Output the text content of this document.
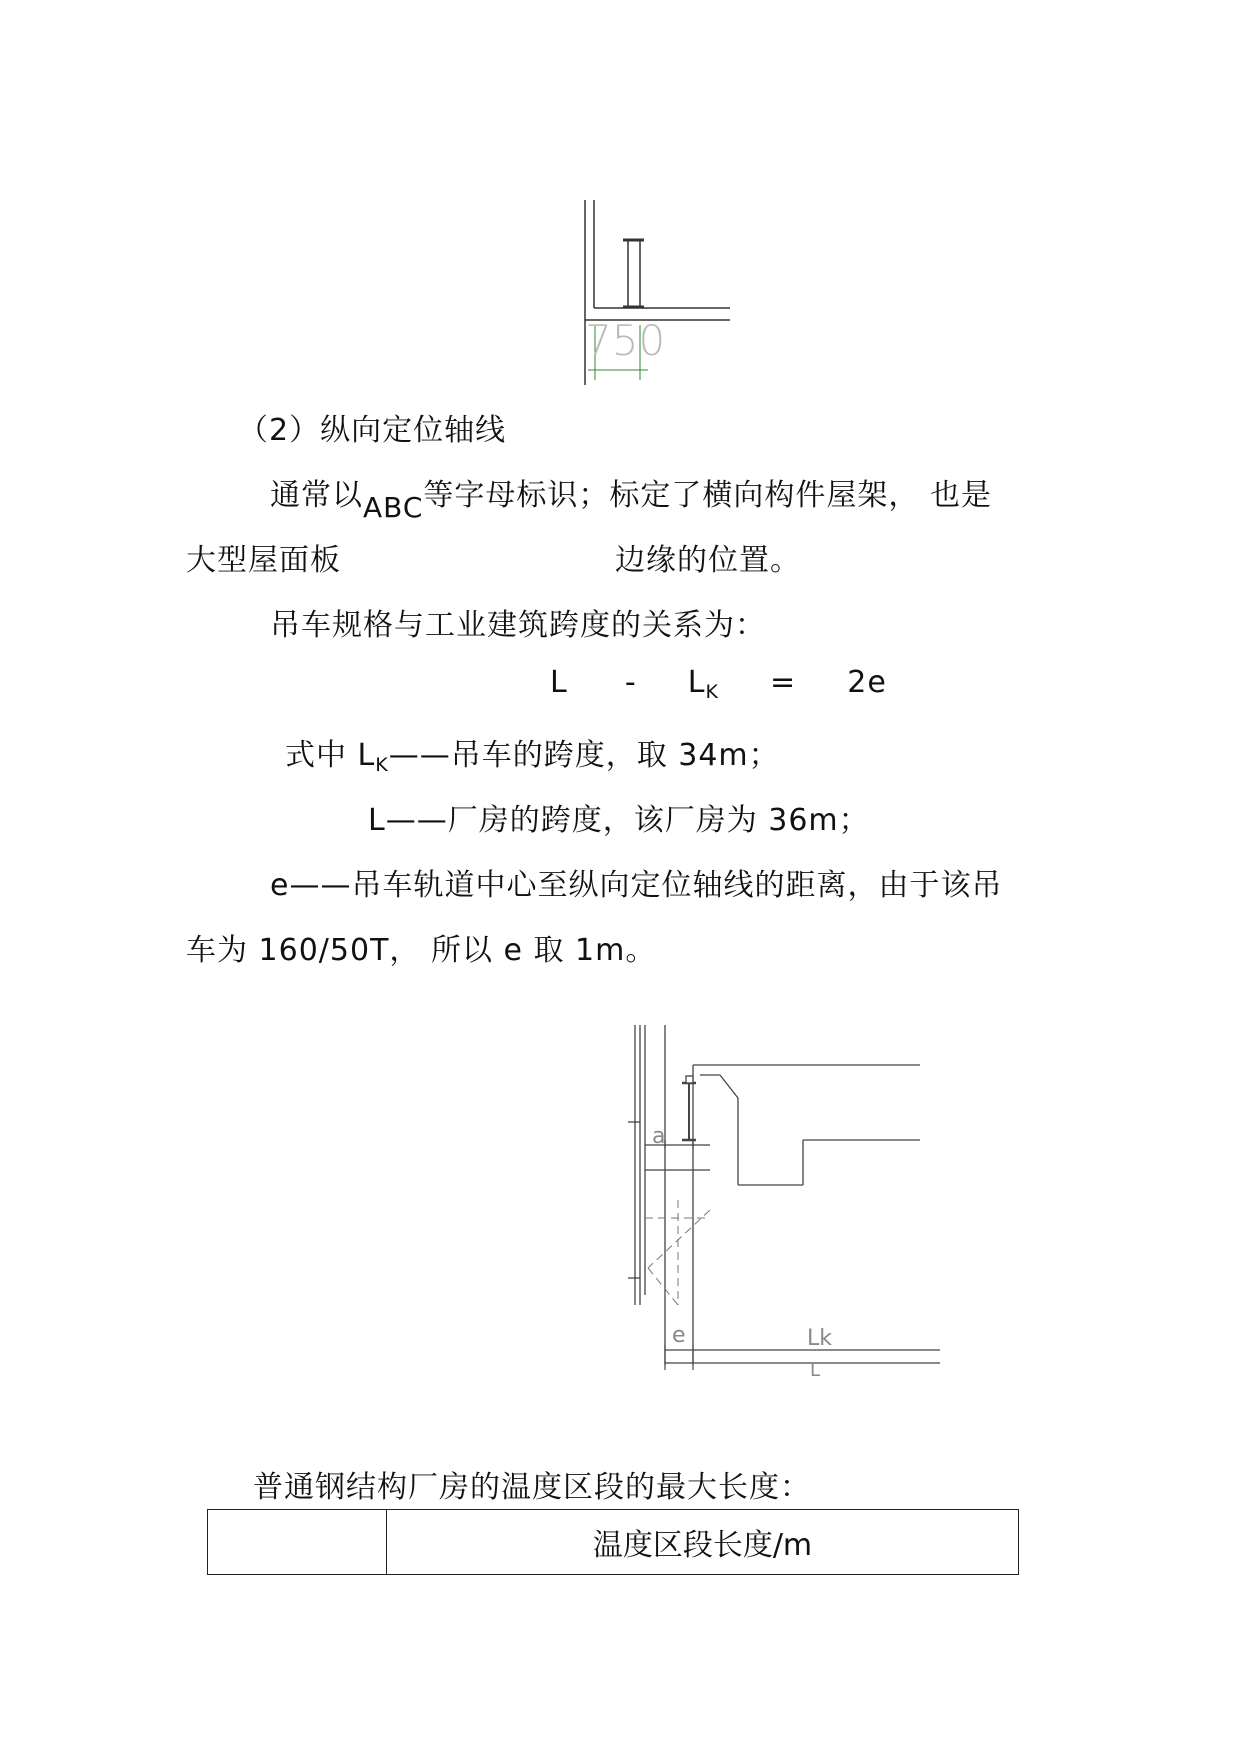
750
（2）纵向定位轴线
通常以ABC等字母标识；标定了横向构件屋架， 也是
大型屋面板	边缘的位置。
吊车规格与工业建筑跨度的关系为：
$L - L_K = 2e$
式中 $L_K——$吊车的跨度，取 34m；
L——厂房的跨度，该厂房为 36m；
e——吊车轨道中心至纵向定位轴线的距离，由于该吊
车为 160/50T， 所以 e 取 1m。
a
e	Lk
L
普通钢结构厂房的温度区段的最大长度：
	温度区段长度/m
